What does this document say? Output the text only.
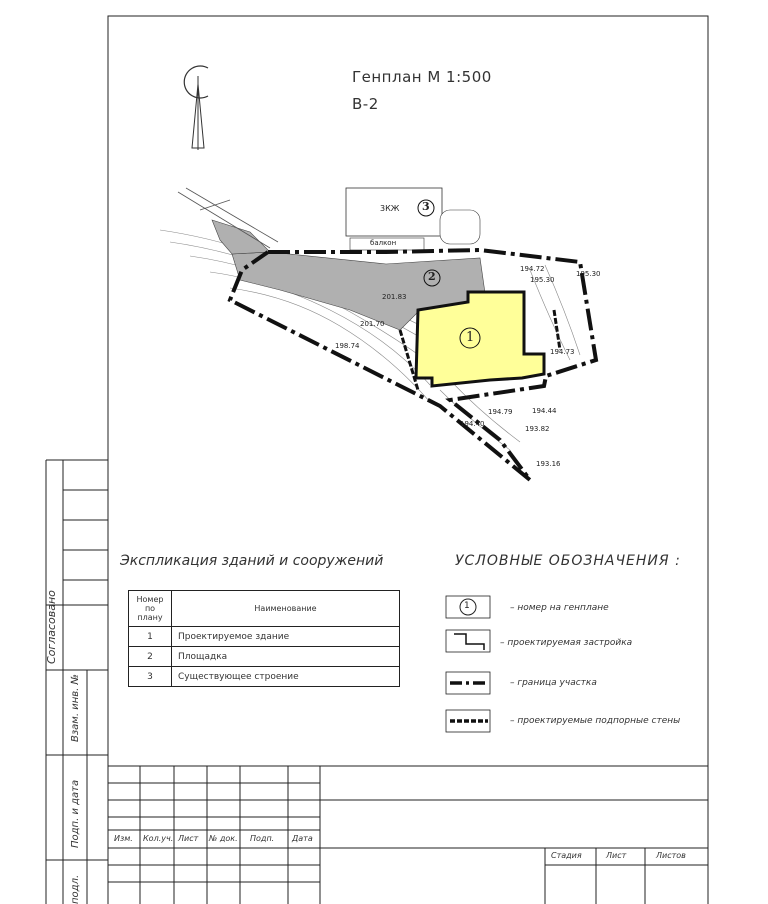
Генплан М 1:500
В-2
1
2
3
3КЖ
балкон
194.72
195.30
201.83
201.70
198.74
194.79	194.44
194.40
193.82
193.16
195.30
194.73
Экспликация зданий и сооружений
Номер по плану	Наименование
1	Проектируемое здание
2	Площадка
3	Существующее строение
УСЛОВНЫЕ ОБОЗНАЧЕНИЯ :
1	– номер на генплане
– проектируемая застройка
– граница участка
– проектируемые подпорные стены
Согласовано
Взам. инв. №
Подп. и дата
подл.
Изм. Кол.уч. Лист № док. Подп. Дата
Стадия	Лист	Листов
